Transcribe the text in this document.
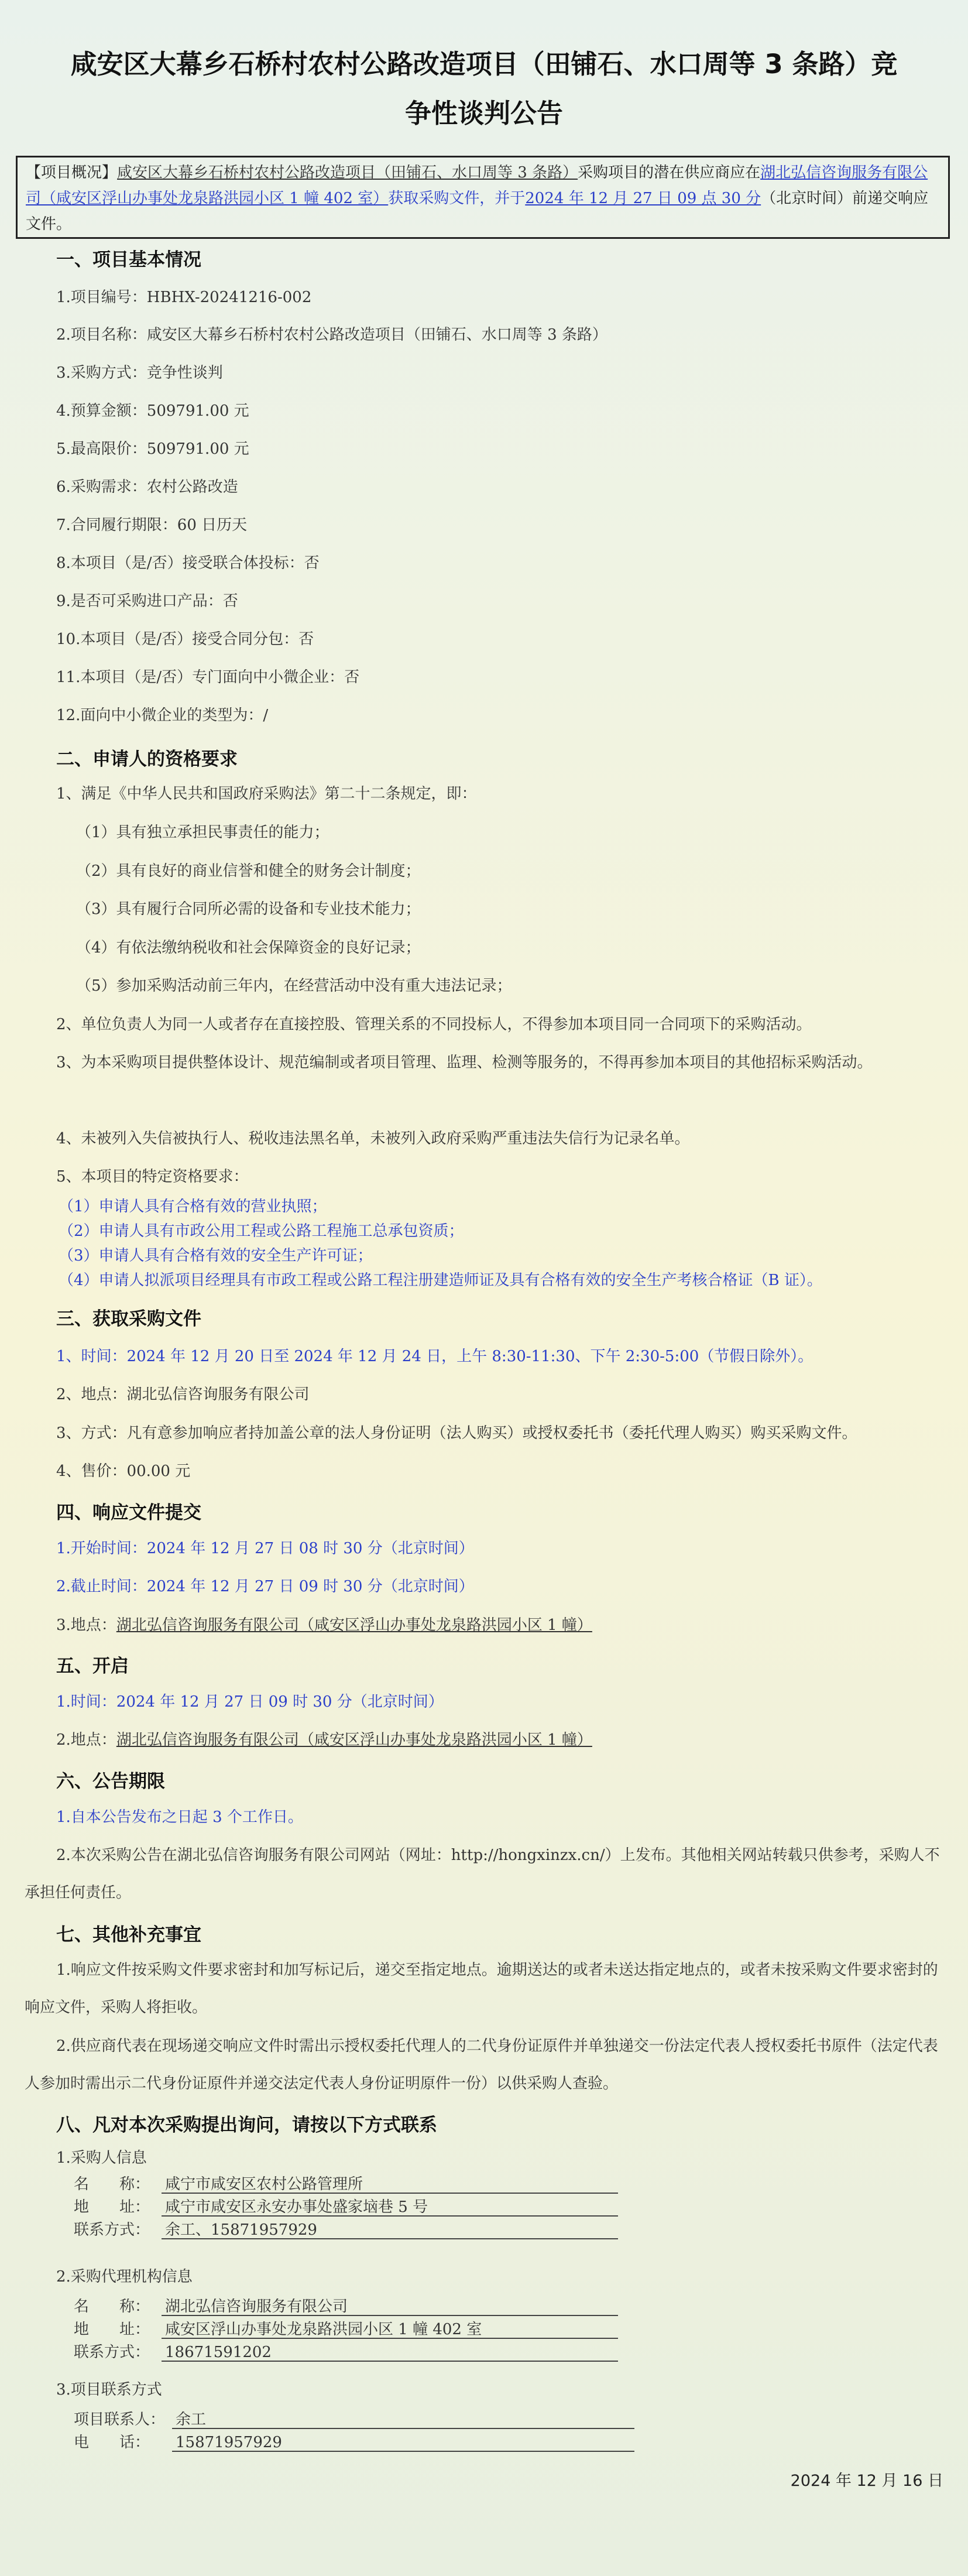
咸安区大幕乡石桥村农村公路改造项目（田铺石、水口周等 3 条路）竞
争性谈判公告
【项目概况】咸安区大幕乡石桥村农村公路改造项目（田铺石、水口周等 3 条路）采购项目的潜在供应商应在湖北弘信咨询服务有限公司（咸安区浮山办事处龙泉路洪园小区 1 幢 402 室）获取采购文件，并于2024 年 12 月 27 日 09 点 30 分（北京时间）前递交响应文件。
一、项目基本情况
1.项目编号：HBHX-20241216-002
2.项目名称：咸安区大幕乡石桥村农村公路改造项目（田铺石、水口周等 3 条路）
3.采购方式：竞争性谈判
4.预算金额：509791.00 元
5.最高限价：509791.00 元
6.采购需求：农村公路改造
7.合同履行期限：60 日历天
8.本项目（是/否）接受联合体投标：否
9.是否可采购进口产品：否
10.本项目（是/否）接受合同分包：否
11.本项目（是/否）专门面向中小微企业：否
12.面向中小微企业的类型为：/
二、申请人的资格要求
1、满足《中华人民共和国政府采购法》第二十二条规定，即：
（1）具有独立承担民事责任的能力；
（2）具有良好的商业信誉和健全的财务会计制度；
（3）具有履行合同所必需的设备和专业技术能力；
（4）有依法缴纳税收和社会保障资金的良好记录；
（5）参加采购活动前三年内，在经营活动中没有重大违法记录；
2、单位负责人为同一人或者存在直接控股、管理关系的不同投标人，不得参加本项目同一合同项下的采购活动。
3、为本采购项目提供整体设计、规范编制或者项目管理、监理、检测等服务的，不得再参加本项目的其他招标采购活动。
4、未被列入失信被执行人、税收违法黑名单，未被列入政府采购严重违法失信行为记录名单。
5、本项目的特定资格要求：
（1）申请人具有合格有效的营业执照；
（2）申请人具有市政公用工程或公路工程施工总承包资质；
（3）申请人具有合格有效的安全生产许可证；
（4）申请人拟派项目经理具有市政工程或公路工程注册建造师证及具有合格有效的安全生产考核合格证（B 证）。
三、获取采购文件
1、时间：2024 年 12 月 20 日至 2024 年 12 月 24 日，上午 8:30-11:30、下午 2:30-5:00（节假日除外）。
2、地点：湖北弘信咨询服务有限公司
3、方式：凡有意参加响应者持加盖公章的法人身份证明（法人购买）或授权委托书（委托代理人购买）购买采购文件。
4、售价：00.00 元
四、响应文件提交
1.开始时间：2024 年 12 月 27 日 08 时 30 分（北京时间）
2.截止时间：2024 年 12 月 27 日 09 时 30 分（北京时间）
3.地点：湖北弘信咨询服务有限公司（咸安区浮山办事处龙泉路洪园小区 1 幢）
五、开启
1.时间：2024 年 12 月 27 日 09 时 30 分（北京时间）
2.地点：湖北弘信咨询服务有限公司（咸安区浮山办事处龙泉路洪园小区 1 幢）
六、公告期限
1.自本公告发布之日起 3 个工作日。
2.本次采购公告在湖北弘信咨询服务有限公司网站（网址：http://hongxinzx.cn/）上发布。其他相关网站转载只供参考，采购人不承担任何责任。
七、其他补充事宜
1.响应文件按采购文件要求密封和加写标记后，递交至指定地点。逾期送达的或者未送达指定地点的，或者未按采购文件要求密封的响应文件，采购人将拒收。
2.供应商代表在现场递交响应文件时需出示授权委托代理人的二代身份证原件并单独递交一份法定代表人授权委托书原件（法定代表人参加时需出示二代身份证原件并递交法定代表人身份证明原件一份）以供采购人查验。
八、凡对本次采购提出询问，请按以下方式联系
1.采购人信息
名　　称： 咸宁市咸安区农村公路管理所
地　　址： 咸宁市咸安区永安办事处盛家垴巷 5 号
联系方式： 余工、15871957929
2.采购代理机构信息
名　　称： 湖北弘信咨询服务有限公司
地　　址： 咸安区浮山办事处龙泉路洪园小区 1 幢 402 室
联系方式： 18671591202
3.项目联系方式
项目联系人： 余工
电　　话： 15871957929
2024 年 12 月 16 日
